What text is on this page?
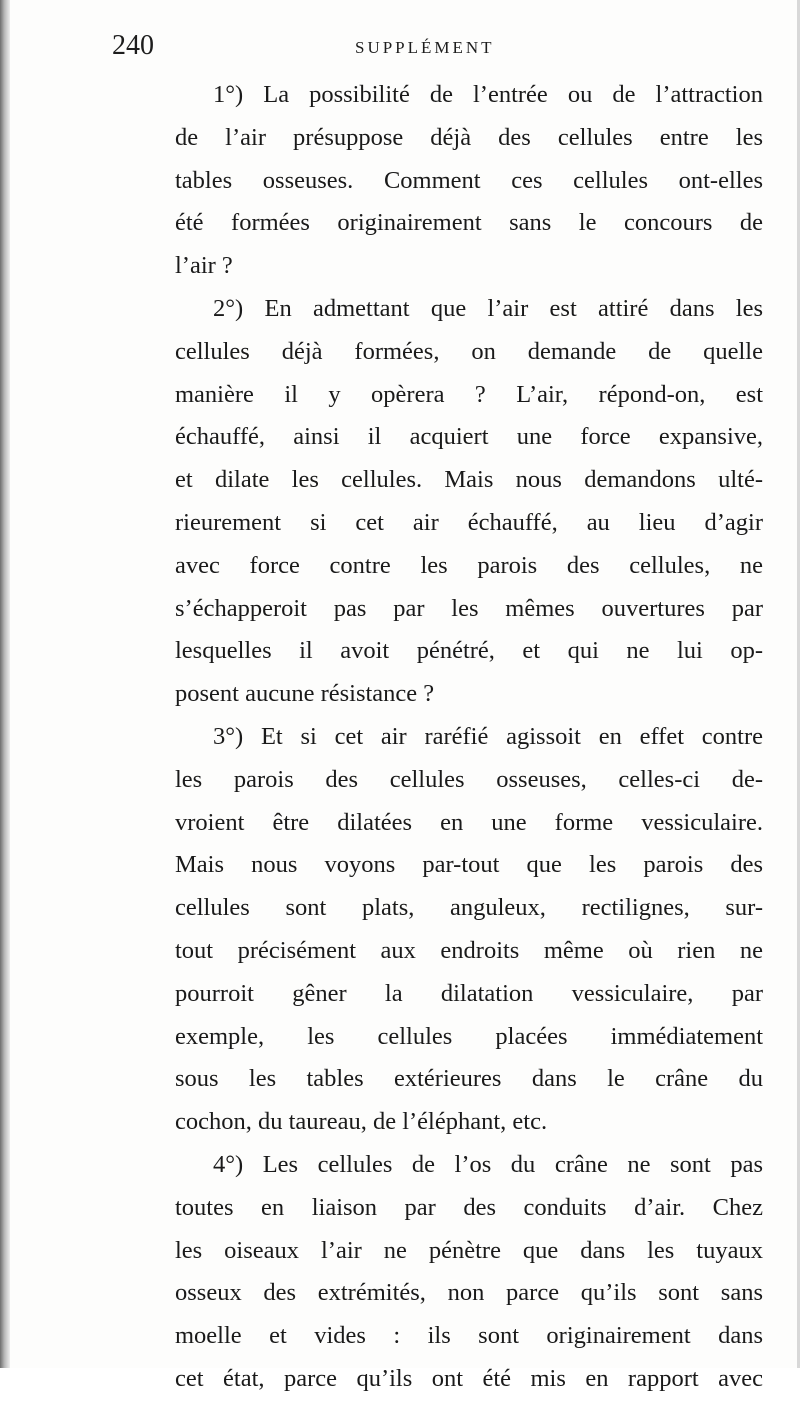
240	SUPPLÉMENT
1°) La possibilité de l’entrée ou de l’attraction
de l’air présuppose déjà des cellules entre les
tables osseuses. Comment ces cellules ont-elles
été formées originairement sans le concours de
l’air ?
2°) En admettant que l’air est attiré dans les
cellules déjà formées, on demande de quelle
manière il y opèrera ? L’air, répond-on, est
échauffé, ainsi il acquiert une force expansive,
et dilate les cellules. Mais nous demandons ulté-
rieurement si cet air échauffé, au lieu d’agir
avec force contre les parois des cellules, ne
s’échapperoit pas par les mêmes ouvertures par
lesquelles il avoit pénétré, et qui ne lui op-
posent aucune résistance ?
3°) Et si cet air raréfié agissoit en effet contre
les parois des cellules osseuses, celles-ci de-
vroient être dilatées en une forme vessiculaire.
Mais nous voyons par-tout que les parois des
cellules sont plats, anguleux, rectilignes, sur-
tout précisément aux endroits même où rien ne
pourroit gêner la dilatation vessiculaire, par
exemple, les cellules placées immédiatement
sous les tables extérieures dans le crâne du
cochon, du taureau, de l’éléphant, etc.
4°) Les cellules de l’os du crâne ne sont pas
toutes en liaison par des conduits d’air. Chez
les oiseaux l’air ne pénètre que dans les tuyaux
osseux des extrémités, non parce qu’ils sont sans
moelle et vides : ils sont originairement dans
cet état, parce qu’ils ont été mis en rapport avec
